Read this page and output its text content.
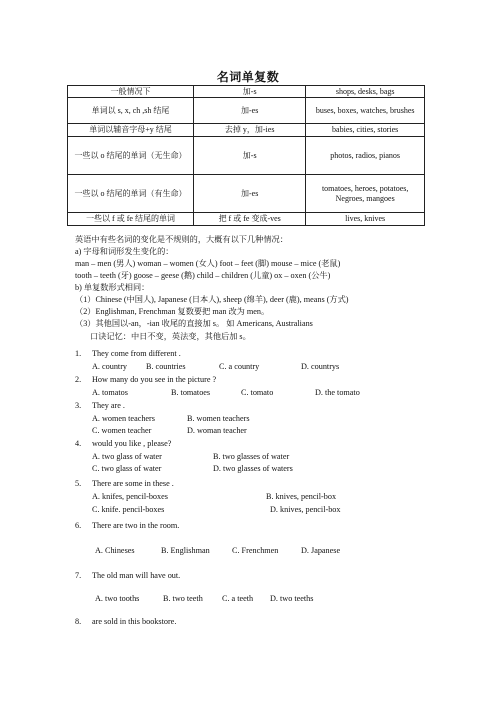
名词单复数
一般情况下	加-s	shops, desks, bags
单词以 s, x, ch ,sh 结尾	加-es	buses, boxes, watches, brushes
单词以辅音字母+y 结尾	去掉 y，加-ies	babies, cities, stories
一些以 o 结尾的单词（无生命）	加-s	photos, radios, pianos
一些以 o 结尾的单词（有生命）	加-es	tomatoes, heroes, potatoes, Negroes, mangoes
一些以 f 或 fe 结尾的单词	把 f 或 fe 变成-ves	lives, knives
英语中有些名词的变化是不规则的，大概有以下几种情况：
a) 字母和词形发生变化的：
man – men (男人) woman – women (女人) foot – feet (脚) mouse – mice (老鼠)
tooth – teeth (牙) goose – geese (鹅) child – children (儿童) ox – oxen (公牛)
b) 单复数形式相同：
（1）Chinese (中国人), Japanese (日本人), sheep (绵羊), deer (鹿), means (方式)
（2）Englishman, Frenchman 复数要把 man 改为 men。
（3）其他国以-an，-ian 收尾的直接加 s。 如 Americans, Australians
口诀记忆：中日不变，英法变，其他后加 s。
1. They come from different .
A. country B. countries	C. a country	D. countrys
2. How many do you see in the picture ?
A. tomatos	B. tomatoes	C. tomato	D. the tomato
3. They are .
A. women teachers	B. women teachers
C. women teacher	D. woman teacher
4. would you like , please?
A. two glass of water	B. two glasses of water
C. two glass of water	D. two glasses of waters
5. There are some in these .
A. knifes, pencil-boxes	B. knives, pencil-box
C. knife. pencil-boxes	D. knives, pencil-box
6. There are two in the room.
A. Chineses	B. Englishman	C. Frenchmen	D. Japanese
7. The old man will have out.
A. two tooths	B. two teeth C. a teeth D. two teeths
8. are sold in this bookstore.
